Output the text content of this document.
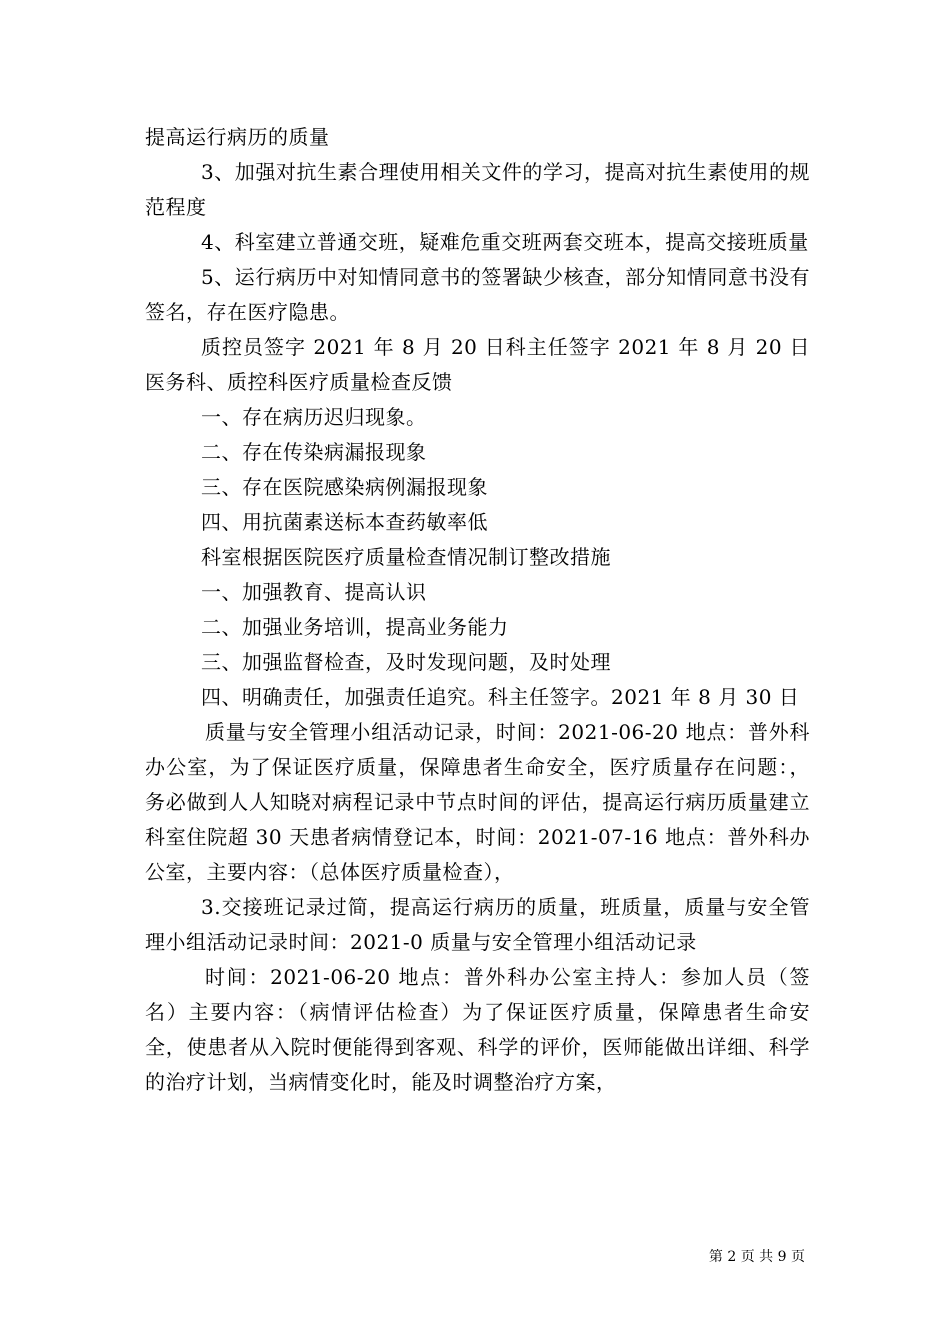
提高运行病历的质量

3、加强对抗生素合理使用相关文件的学习，提高对抗生素使用的规范程度

4、科室建立普通交班，疑难危重交班两套交班本，提高交接班质量

5、运行病历中对知情同意书的签署缺少核查，部分知情同意书没有签名，存在医疗隐患。

质控员签字 2021 年 8 月 20 日科主任签字 2021 年 8 月 20 日医务科、质控科医疗质量检查反馈

一、存在病历迟归现象。

二、存在传染病漏报现象

三、存在医院感染病例漏报现象

四、用抗菌素送标本查药敏率低

科室根据医院医疗质量检查情况制订整改措施

一、加强教育、提高认识

二、加强业务培训，提高业务能力

三、加强监督检查，及时发现问题，及时处理

四、明确责任，加强责任追究。科主任签字。2021 年 8 月 30 日

质量与安全管理小组活动记录，时间：2021-06-20 地点：普外科办公室，为了保证医疗质量，保障患者生命安全，医疗质量存在问题：，务必做到人人知晓对病程记录中节点时间的评估，提高运行病历质量建立科室住院超 30 天患者病情登记本，时间：2021-07-16 地点：普外科办公室，主要内容：（总体医疗质量检查），

3.交接班记录过简，提高运行病历的质量，班质量，质量与安全管理小组活动记录时间：2021-0 质量与安全管理小组活动记录

时间：2021-06-20 地点：普外科办公室主持人：参加人员（签名）主要内容：（病情评估检查）为了保证医疗质量，保障患者生命安全，使患者从入院时便能得到客观、科学的评价，医师能做出详细、科学的治疗计划，当病情变化时，能及时调整治疗方案，

第 2 页 共 9 页
